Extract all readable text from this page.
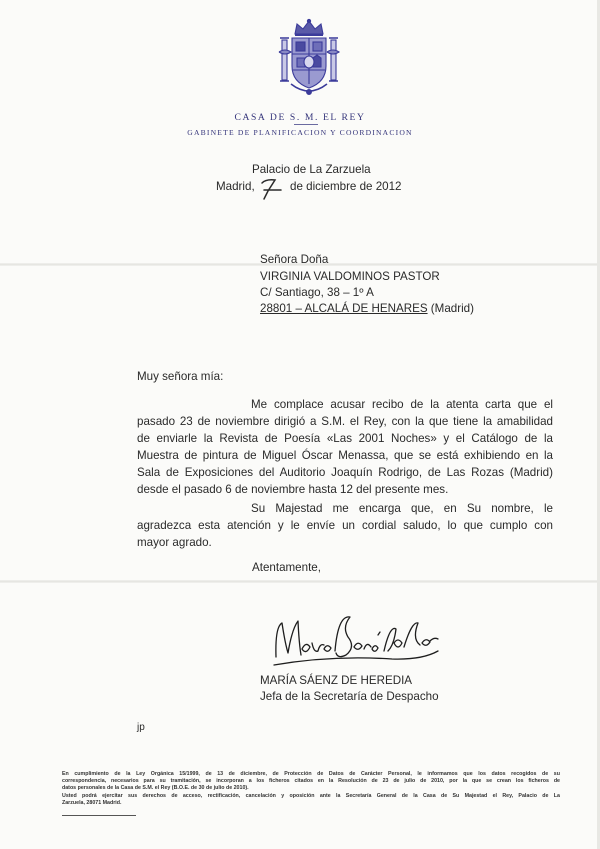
CASA DE S. M. EL REY
GABINETE DE PLANIFICACION Y COORDINACION
Palacio de La Zarzuela
Madrid,	de diciembre de 2012
Señora Doña
VIRGINIA VALDOMINOS PASTOR
C/ Santiago, 38 – 1º A
28801 – ALCALÁ DE HENARES (Madrid)
Muy señora mía:
Me complace acusar recibo de la atenta carta que el
pasado 23 de noviembre dirigió a S.M. el Rey, con la que tiene la amabilidad
de enviarle la Revista de Poesía «Las 2001 Noches» y el Catálogo de la
Muestra de pintura de Miguel Óscar Menassa, que se está exhibiendo en la
Sala de Exposiciones del Auditorio Joaquín Rodrigo, de Las Rozas (Madrid)
desde el pasado 6 de noviembre hasta 12 del presente mes.
Su Majestad me encarga que, en Su nombre, le
agradezca esta atención y le envíe un cordial saludo, lo que cumplo con
mayor agrado.
Atentamente,
MARÍA SÁENZ DE HEREDIA
Jefa de la Secretaría de Despacho
jp
En cumplimiento de la Ley Orgánica 15/1999, de 13 de diciembre, de Protección de Datos de Carácter Personal, le informamos que los datos recogidos de su
correspondencia, necesarios para su tramitación, se incorporan a los ficheros citados en la Resolución de 23 de julio de 2010, por la que se crean los ficheros de
datos personales de la Casa de S.M. el Rey (B.O.E. de 30 de julio de 2010).
Usted podrá ejercitar sus derechos de acceso, rectificación, cancelación y oposición ante la Secretaría General de la Casa de Su Majestad el Rey, Palacio de La
Zarzuela, 28071 Madrid.
